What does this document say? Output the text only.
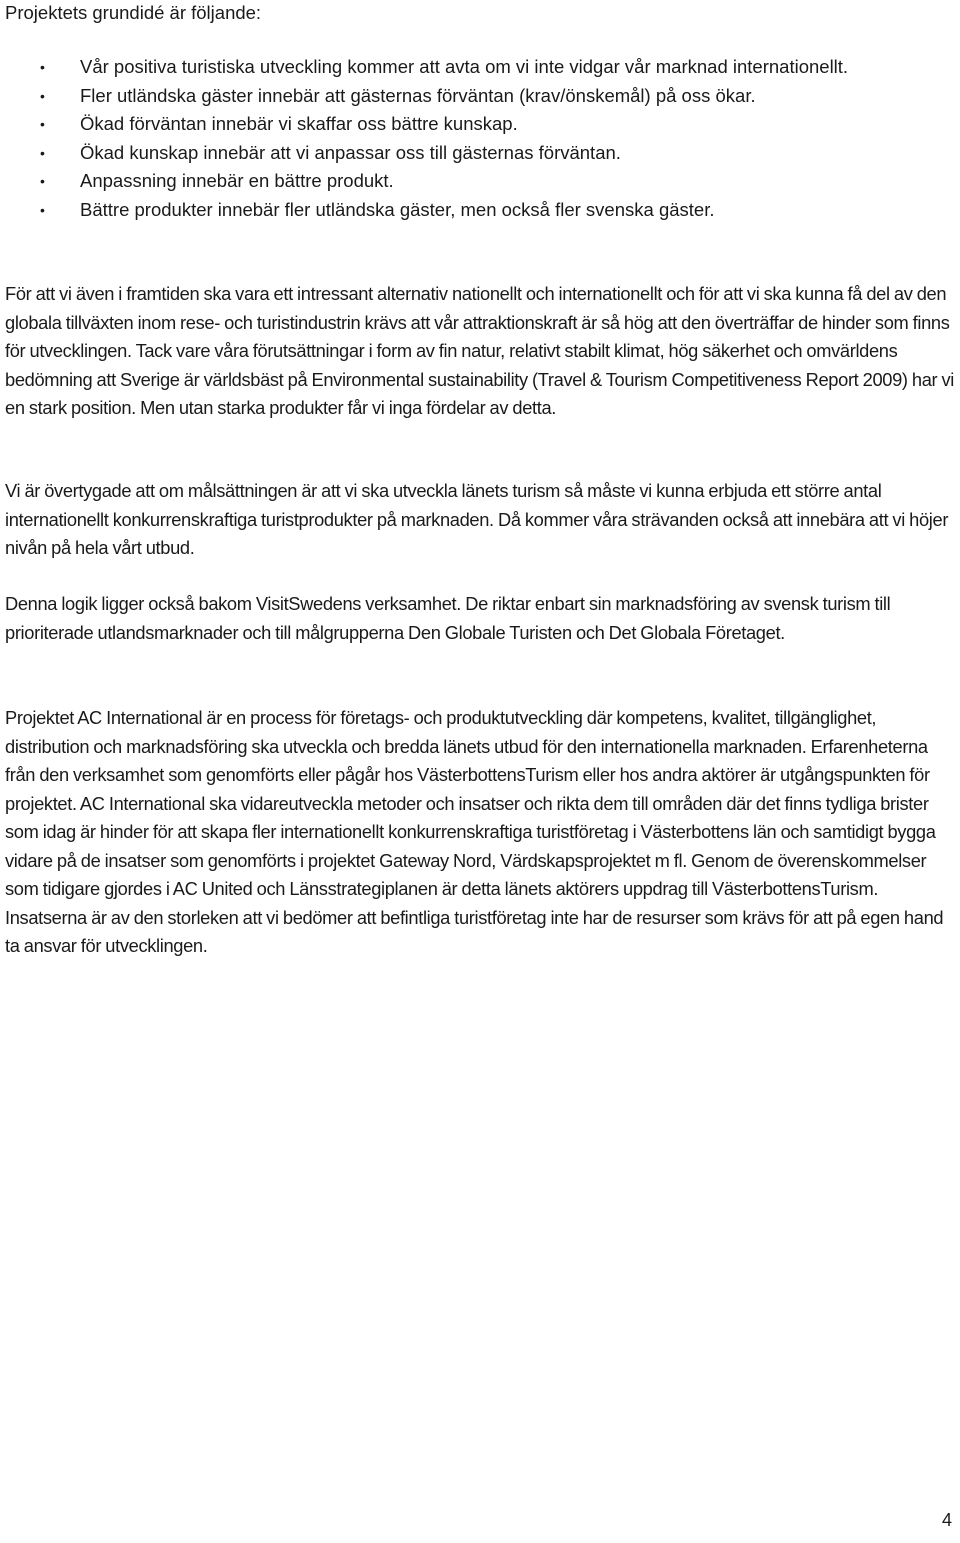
Projektets grundidé är följande:

• Vår positiva turistiska utveckling kommer att avta om vi inte vidgar vår marknad internationellt.
• Fler utländska gäster innebär att gästernas förväntan (krav/önskemål) på oss ökar.
• Ökad förväntan innebär vi skaffar oss bättre kunskap.
• Ökad kunskap innebär att vi anpassar oss till gästernas förväntan.
• Anpassning innebär en bättre produkt.
• Bättre produkter innebär fler utländska gäster, men också fler svenska gäster.

För att vi även i framtiden ska vara ett intressant alternativ nationellt och internationellt och för att vi ska kunna få del av den globala tillväxten inom rese- och turistindustrin krävs att vår attraktionskraft är så hög att den överträffar de hinder som finns för utvecklingen. Tack vare våra förutsättningar i form av fin natur, relativt stabilt klimat, hög säkerhet och omvärldens bedömning att Sverige är världsbäst på Environmental sustainability (Travel & Tourism Competitiveness Report 2009) har vi en stark position. Men utan starka produkter får vi inga fördelar av detta.

Vi är övertygade att om målsättningen är att vi ska utveckla länets turism så måste vi kunna erbjuda ett större antal internationellt konkurrenskraftiga turistprodukter på marknaden. Då kommer våra strävanden också att innebära att vi höjer nivån på hela vårt utbud.

Denna logik ligger också bakom VisitSwedens verksamhet. De riktar enbart sin marknadsföring av svensk turism till prioriterade utlandsmarknader och till målgrupperna Den Globale Turisten och Det Globala Företaget.

Projektet AC International är en process för företags- och produktutveckling där kompetens, kvalitet, tillgänglighet, distribution och marknadsföring ska utveckla och bredda länets utbud för den internationella marknaden. Erfarenheterna från den verksamhet som genomförts eller pågår hos VästerbottensTurism eller hos andra aktörer är utgångspunkten för projektet. AC International ska vidareutveckla metoder och insatser och rikta dem till områden där det finns tydliga brister som idag är hinder för att skapa fler internationellt konkurrenskraftiga turistföretag i Västerbottens län och samtidigt bygga vidare på de insatser som genomförts i projektet Gateway Nord, Värdskapsprojektet m fl. Genom de överenskommelser som tidigare gjordes i AC United och Länsstrategiplanen är detta länets aktörers uppdrag till VästerbottensTurism. Insatserna är av den storleken att vi bedömer att befintliga turistföretag inte har de resurser som krävs för att på egen hand ta ansvar för utvecklingen.

4
